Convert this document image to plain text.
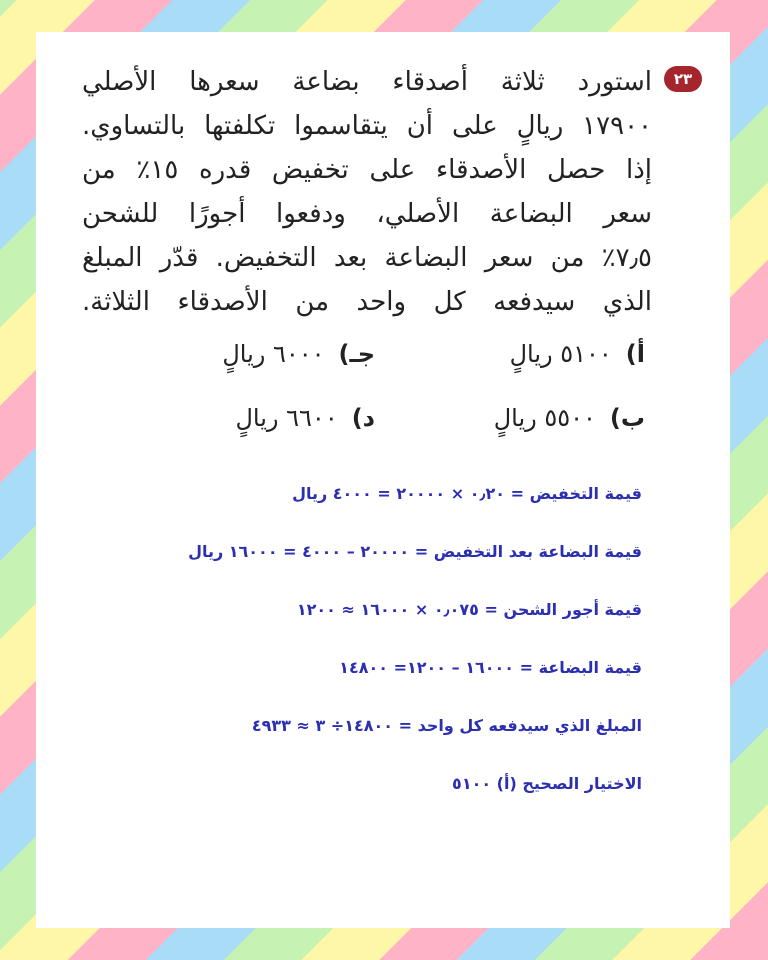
٢٣
استورد ثلاثة أصدقاء بضاعة سعرها الأصلي
١٧٩٠٠ ريالٍ على أن يتقاسموا تكلفتها بالتساوي.
إذا حصل الأصدقاء على تخفيض قدره ١٥٪ من
سعر البضاعة الأصلي، ودفعوا أجورًا للشحن
٧٫٥٪ من سعر البضاعة بعد التخفيض. قدّر المبلغ
الذي سيدفعه كل واحد من الأصدقاء الثلاثة.
أ)٥١٠٠ ريالٍ
جـ)٦٠٠٠ ريالٍ
ب)٥٥٠٠ ريالٍ
د)٦٦٠٠ ريالٍ
قيمة التخفيض = ٠٫٢٠ × ٢٠٠٠٠ = ٤٠٠٠ ريال
قيمة البضاعة بعد التخفيض = ٢٠٠٠٠ – ٤٠٠٠ = ١٦٠٠٠ ريال
قيمة أجور الشحن = ٠٫٠٧٥ × ١٦٠٠٠ ≈ ١٢٠٠
قيمة البضاعة = ١٦٠٠٠ – ١٢٠٠= ١٤٨٠٠
المبلغ الذي سيدفعه كل واحد = ١٤٨٠٠÷ ٣ ≈ ٤٩٣٣
الاختيار الصحيح (أ) ٥١٠٠
